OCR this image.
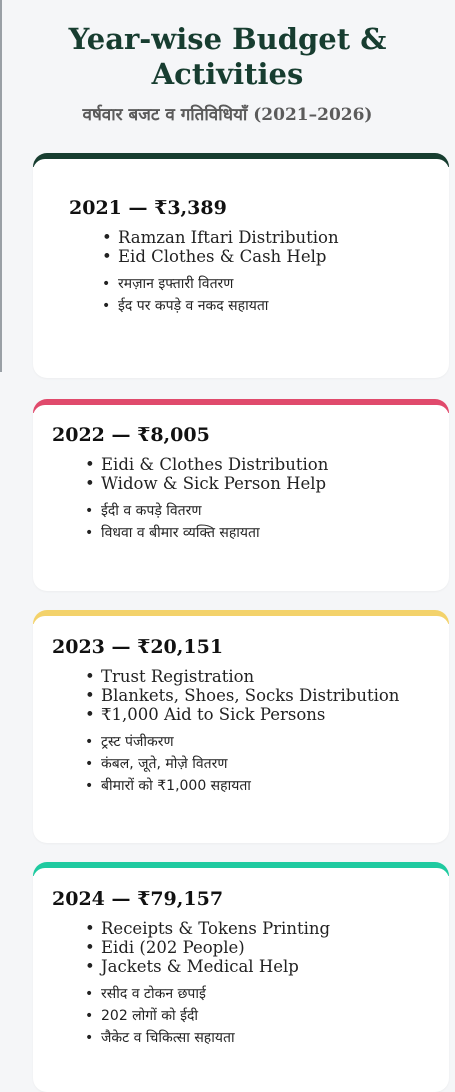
Year-wise Budget & Activities
वर्षवार बजट व गतिविधियाँ (2021–2026)
2021 — ₹3,389
• Ramzan Iftari Distribution
• Eid Clothes & Cash Help
• रमज़ान इफ्तारी वितरण
• ईद पर कपड़े व नकद सहायता
2022 — ₹8,005
• Eidi & Clothes Distribution
• Widow & Sick Person Help
• ईदी व कपड़े वितरण
• विधवा व बीमार व्यक्ति सहायता
2023 — ₹20,151
• Trust Registration
• Blankets, Shoes, Socks Distribution
• ₹1,000 Aid to Sick Persons
• ट्रस्ट पंजीकरण
• कंबल, जूते, मोज़े वितरण
• बीमारों को ₹1,000 सहायता
2024 — ₹79,157
• Receipts & Tokens Printing
• Eidi (202 People)
• Jackets & Medical Help
• रसीद व टोकन छपाई
• 202 लोगों को ईदी
• जैकेट व चिकित्सा सहायता
